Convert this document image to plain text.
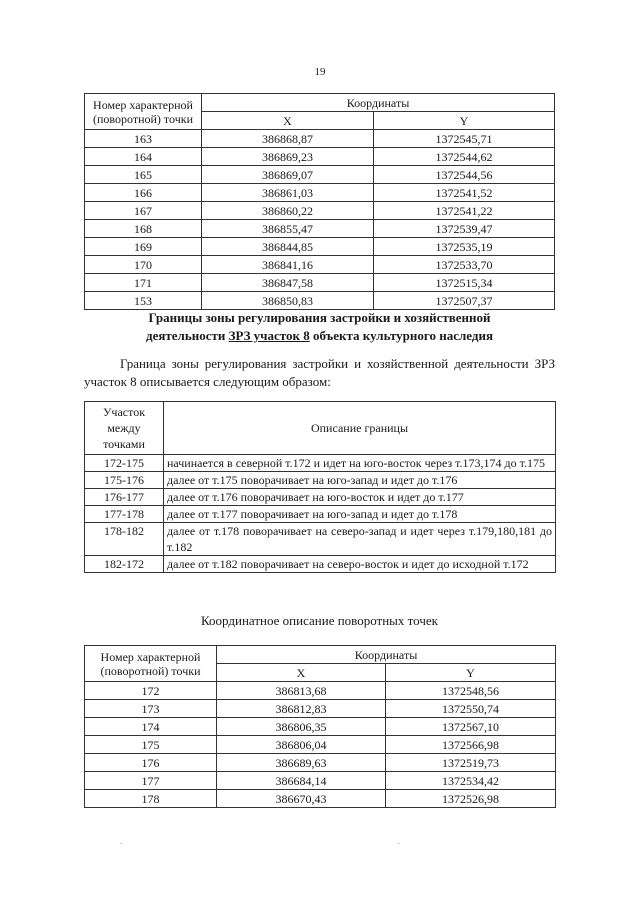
19
Номер характерной (поворотной) точки	Координаты	
	X	Y
163	386868,87	1372545,71
164	386869,23	1372544,62
165	386869,07	1372544,56
166	386861,03	1372541,52
167	386860,22	1372541,22
168	386855,47	1372539,47
169	386844,85	1372535,19
170	386841,16	1372533,70
171	386847,58	1372515,34
153	386850,83	1372507,37
Границы зоны регулирования застройки и хозяйственной
деятельности ЗРЗ участок 8 объекта культурного наследия
Граница зоны регулирования застройки и хозяйственной деятельности ЗРЗ участок 8 описывается следующим образом:
Участок между точками	Описание границы
172-175	начинается в северной т.172 и идет на юго-восток через т.173,174 до т.175
175-176	далее от т.175 поворачивает на юго-запад и идет до т.176
176-177	далее от т.176 поворачивает на юго-восток и идет до т.177
177-178	далее от т.177 поворачивает на юго-запад и идет до т.178
178-182	далее от т.178 поворачивает на северо-запад и идет через т.179,180,181 до т.182
182-172	далее от т.182 поворачивает на северо-восток и идет до исходной т.172
Координатное описание поворотных точек
Номер характерной (поворотной) точки	Координаты	
	X	Y
172	386813,68	1372548,56
173	386812,83	1372550,74
174	386806,35	1372567,10
175	386806,04	1372566,98
176	386689,63	1372519,73
177	386684,14	1372534,42
178	386670,43	1372526,98
.	.
